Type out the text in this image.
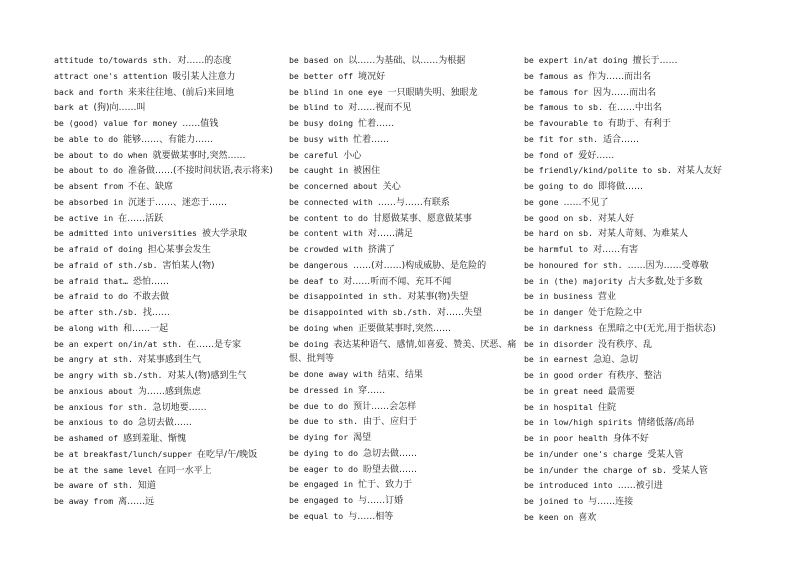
attitude to/towards sth. 对……的态度
attract one's attention 吸引某人注意力
back and forth 来来往往地、(前后)来回地
bark at (狗)向……叫
be (good) value for money ……值钱
be able to do 能够……、有能力……
be about to do when 就要做某事时,突然……
be about to do 准备做……(不接时间状语,表示将来)
be absent from 不在、缺席
be absorbed in 沉迷于……、迷恋于……
be active in 在……活跃
be admitted into universities 被大学录取
be afraid of doing 担心某事会发生
be afraid of sth./sb. 害怕某人(物)
be afraid that… 恐怕……
be afraid to do 不敢去做
be after sth./sb. 找……
be along with 和……一起
be an expert on/in/at sth. 在……是专家
be angry at sth. 对某事感到生气
be angry with sb./sth. 对某人(物)感到生气
be anxious about 为……感到焦虑
be anxious for sth. 急切地要……
be anxious to do 急切去做……
be ashamed of 感到羞耻、惭愧
be at breakfast/lunch/supper 在吃早/午/晚饭
be at the same level 在同一水平上
be aware of sth. 知道
be away from 离……远
be based on 以……为基础、以……为根据
be better off 境况好
be blind in one eye 一只眼睛失明、独眼龙
be blind to 对……视而不见
be busy doing 忙着……
be busy with 忙着……
be careful 小心
be caught in 被困住
be concerned about 关心
be connected with ……与……有联系
be content to do 甘愿做某事、愿意做某事
be content with 对……满足
be crowded with 挤满了
be dangerous ……(对……)构成威胁、是危险的
be deaf to 对……听而不闻、充耳不闻
be disappointed in sth. 对某事(物)失望
be disappointed with sb./sth. 对……失望
be doing when 正要做某事时,突然……
be doing 表达某种语气、感情,如喜爱、赞美、厌恶、痛恨、批判等
be done away with 结束、结果
be dressed in 穿……
be due to do 预计……会怎样
be due to sth. 由于、应归于
be dying for 渴望
be dying to do 急切去做……
be eager to do 盼望去做……
be engaged in 忙于、致力于
be engaged to 与……订婚
be equal to 与……相等
be expert in/at doing 擅长于……
be famous as 作为……而出名
be famous for 因为……而出名
be famous to sb. 在……中出名
be favourable to 有助于、有利于
be fit for sth. 适合……
be fond of 爱好……
be friendly/kind/polite to sb. 对某人友好
be going to do 即将做……
be gone ……不见了
be good on sb. 对某人好
be hard on sb. 对某人苛刻、为难某人
be harmful to 对……有害
be honoured for sth. ……因为……受尊敬
be in (the) majority 占大多数,处于多数
be in business 营业
be in danger 处于危险之中
be in darkness 在黑暗之中(无光,用于指状态)
be in disorder 没有秩序、乱
be in earnest 急迫、急切
be in good order 有秩序、整洁
be in great need 最需要
be in hospital 住院
be in low/high spirits 情绪低落/高昂
be in poor health 身体不好
be in/under one's charge 受某人管
be in/under the charge of sb. 受某人管
be introduced into ……被引进
be joined to 与……连接
be keen on 喜欢
